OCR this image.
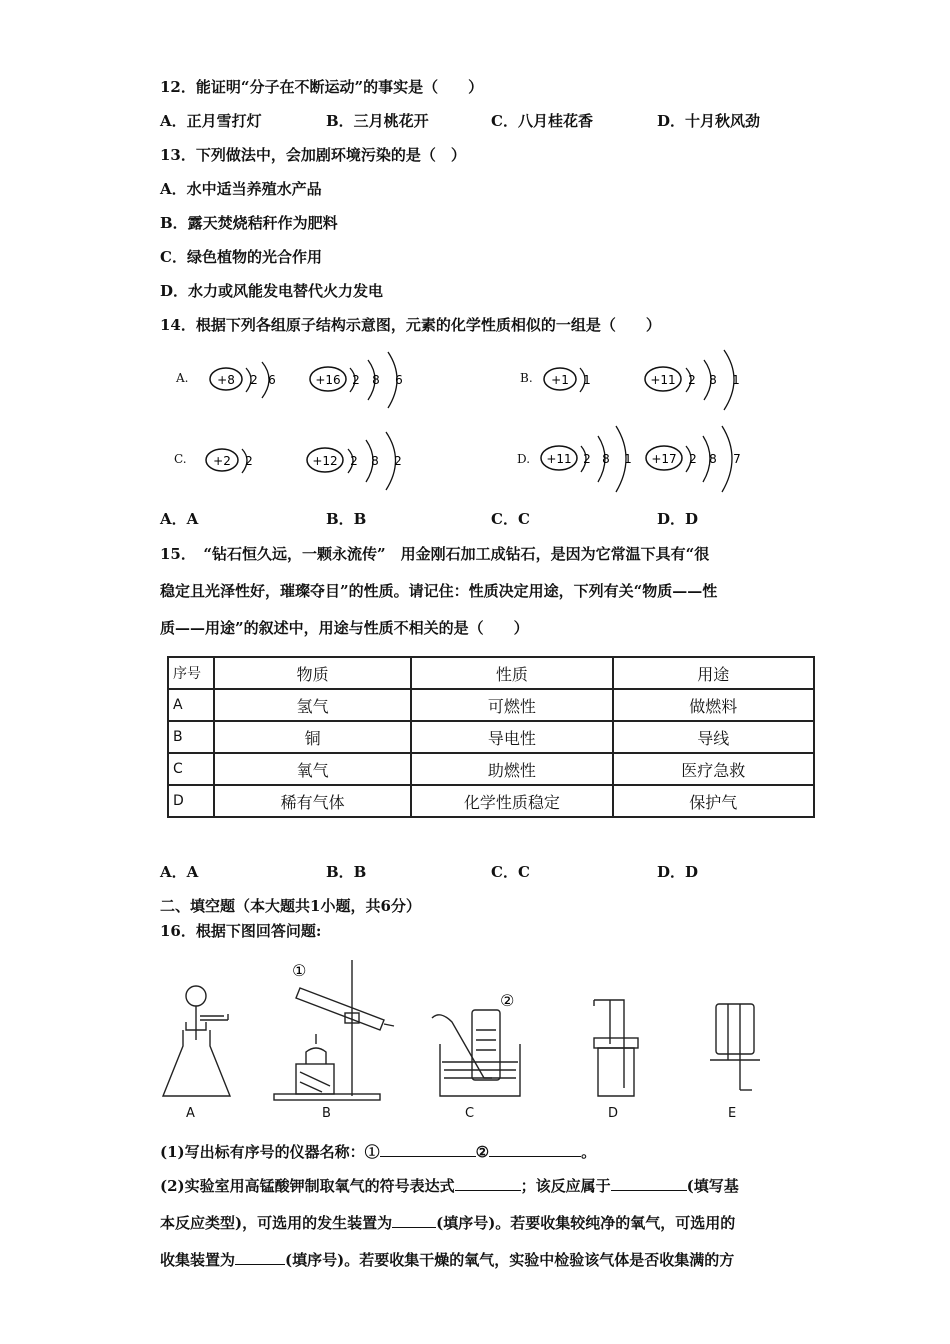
12．能证明“分子在不断运动”的事实是（　　）
A．正月雪打灯	B．三月桃花开	C．八月桂花香	D．十月秋风劲
13．下列做法中，会加剧环境污染的是（　）
A．水中适当养殖水产品
B．露天焚烧秸秆作为肥料
C．绿色植物的光合作用
D．水力或风能发电替代火力发电
14．根据下列各组原子结构示意图，元素的化学性质相似的一组是（　　）
A.	B.
C.	D.
+8 2 6	+16 2 8 6	+1 1	+11 2 8 1
+2 2	+12 2 8 2	+11 2 8 1 +17 2 8 7
A．A	B．B	C．C	D．D
15．　“钻石恒久远，一颗永流传”　用金刚石加工成钻石，是因为它常温下具有“很
稳定且光泽性好，璀璨夺目”的性质。请记住：性质决定用途，下列有关“物质——性
质——用途”的叙述中，用途与性质不相关的是（　　）
序号	物质	性质	用途
A	氢气	可燃性	做燃料
B	铜	导电性	导线
C	氧气	助燃性	医疗急救
D	稀有气体	化学性质稳定	保护气
A．A	B．B	C．C	D．D
二、填空题（本大题共1小题，共6分）
16．根据下图回答问题:
①
②
A	B	C	D	E
(1)写出标有序号的仪器名称：①	②	。
(2)实验室用高锰酸钾制取氧气的符号表达式	；该反应属于	(填写基
本反应类型)，可选用的发生装置为	(填序号)。若要收集较纯净的氧气，可选用的
收集装置为	(填序号)。若要收集干燥的氧气，实验中检验该气体是否收集满的方
